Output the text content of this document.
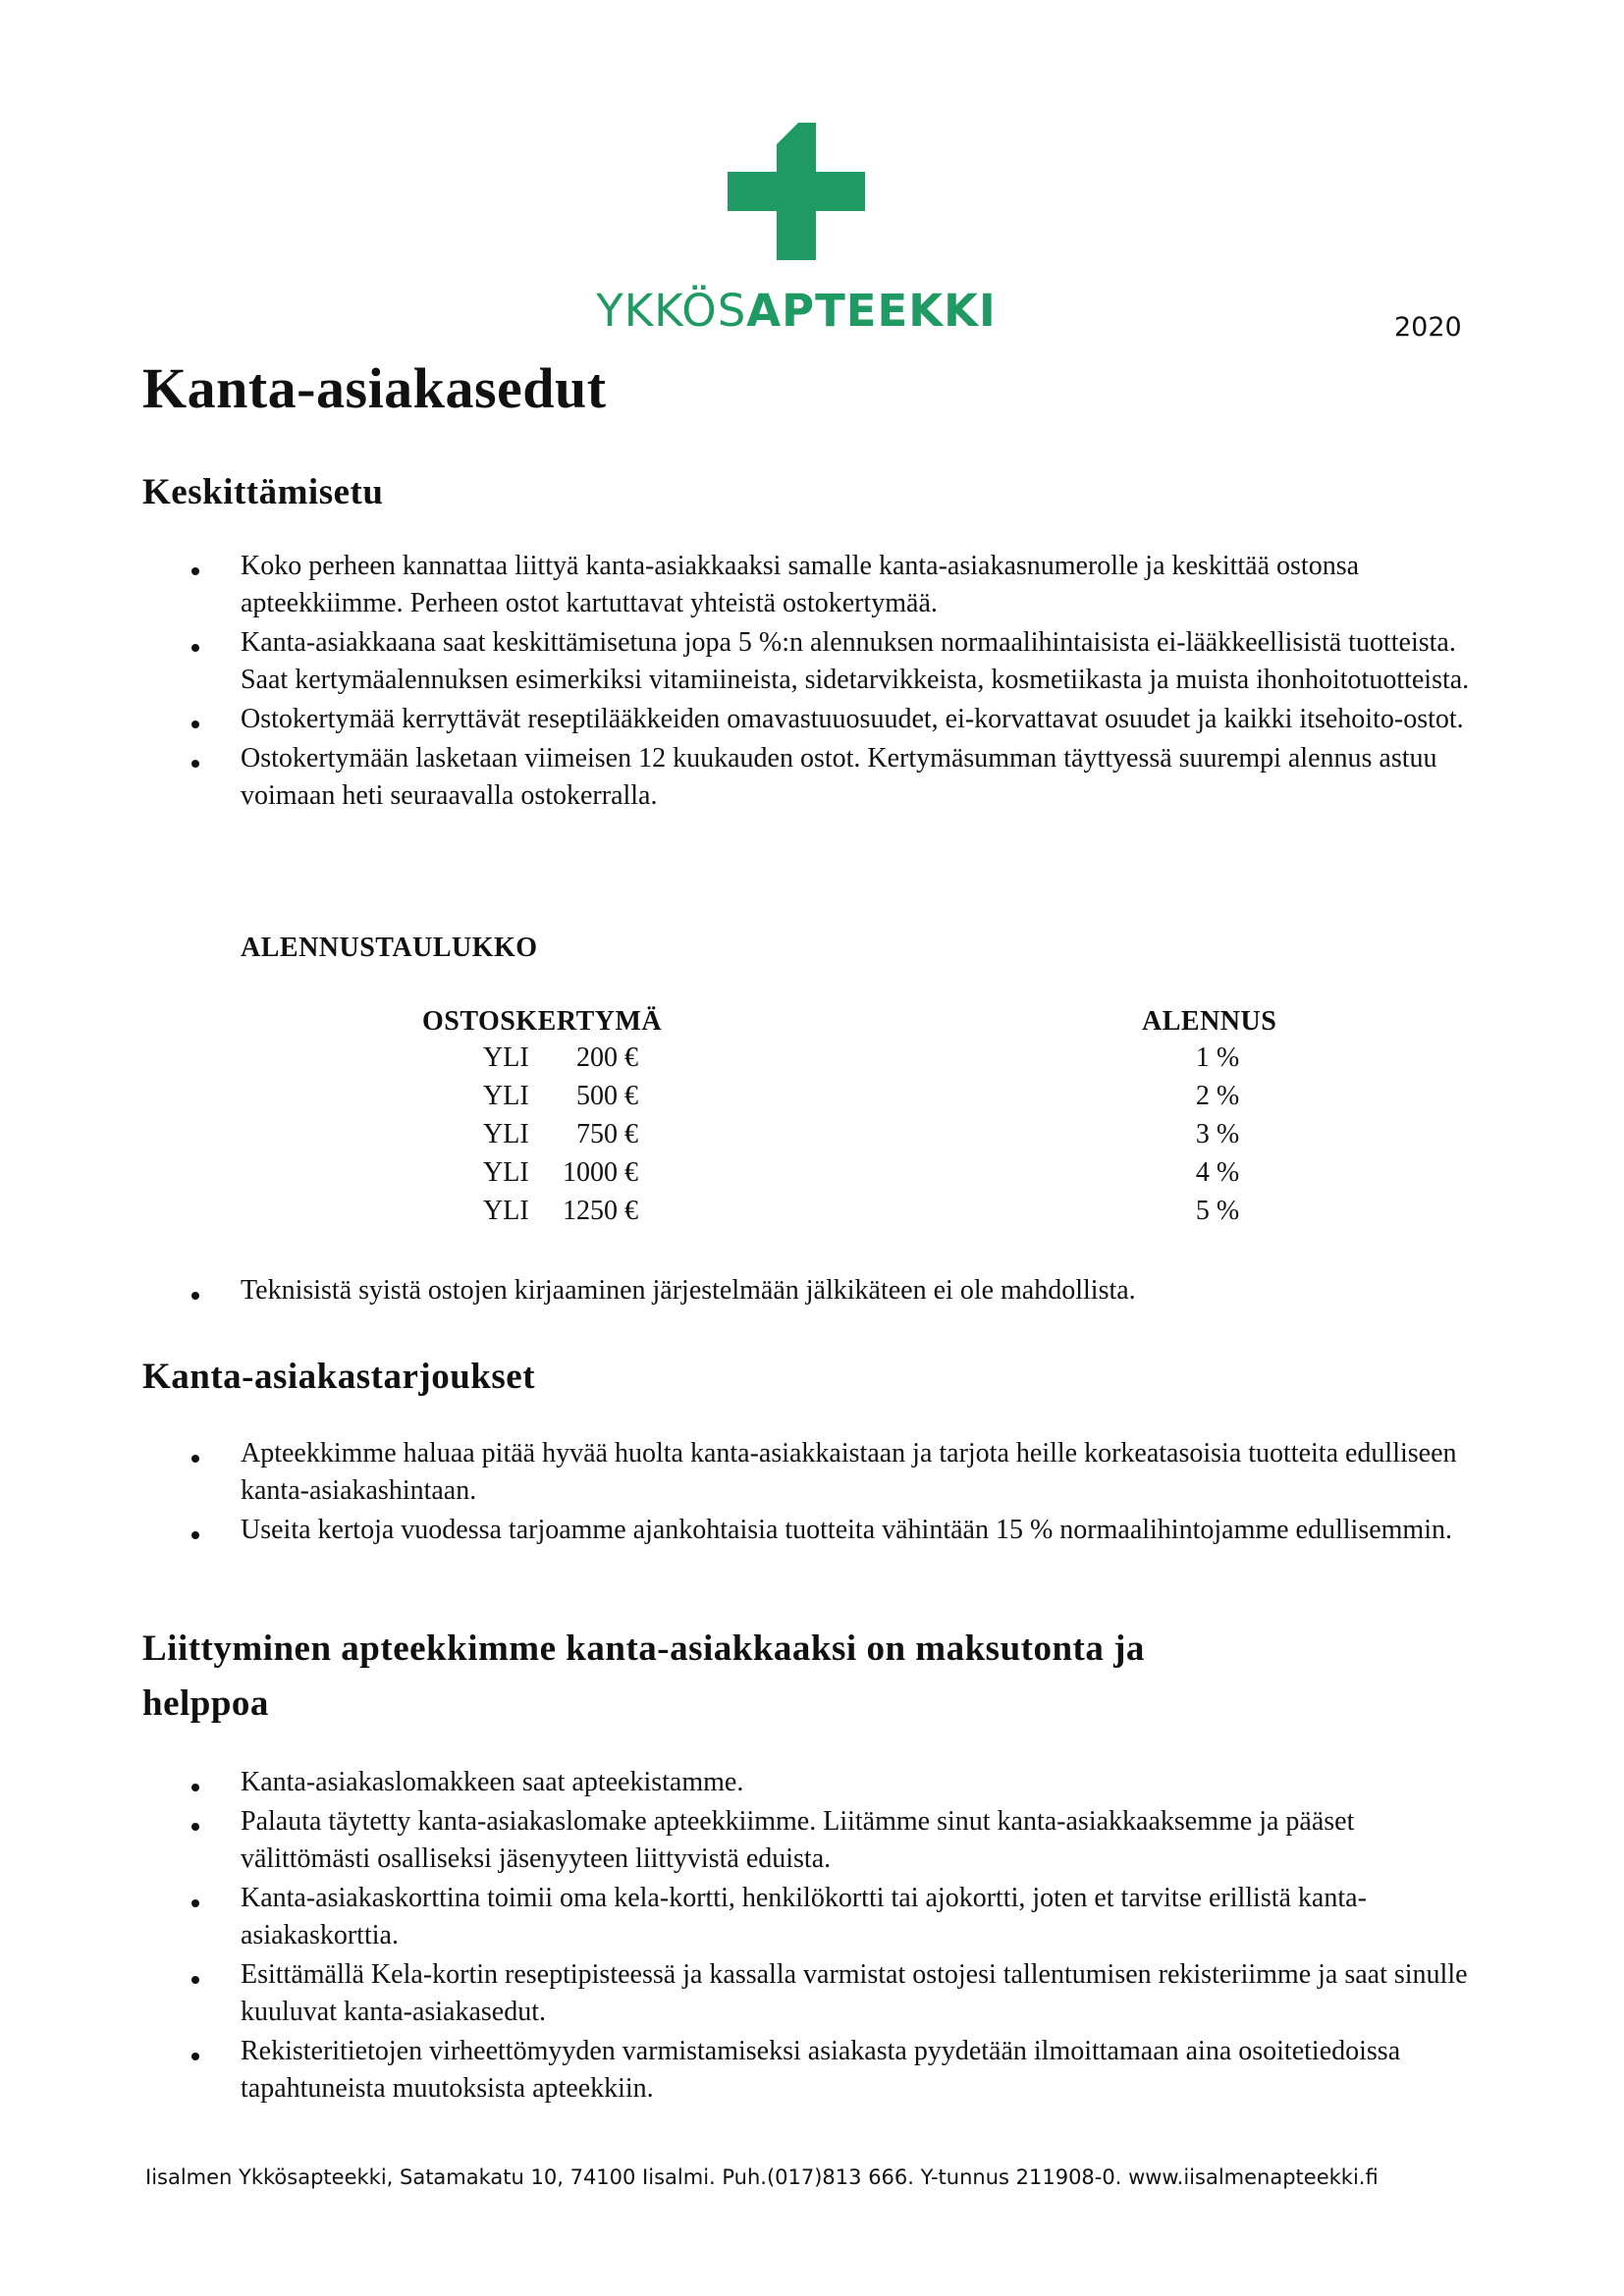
YKKÖSAPTEEKKI	2020
Kanta-asiakasedut
Keskittämisetu
Koko perheen kannattaa liittyä kanta-asiakkaaksi samalle kanta-asiakasnumerolle ja keskittää ostonsa apteekkiimme. Perheen ostot kartuttavat yhteistä ostokertymää.
Kanta-asiakkaana saat keskittämisetuna jopa 5 %:n alennuksen normaalihintaisista ei-lääkkeellisistä tuotteista. Saat kertymäalennuksen esimerkiksi vitamiineista, sidetarvikkeista, kosmetiikasta ja muista ihonhoitotuotteista.
Ostokertymää kerryttävät reseptilääkkeiden omavastuuosuudet, ei-korvattavat osuudet ja kaikki itsehoito-ostot.
Ostokertymään lasketaan viimeisen 12 kuukauden ostot. Kertymäsumman täyttyessä suurempi alennus astuu voimaan heti seuraavalla ostokerralla.
ALENNUSTAULUKKO
OSTOSKERTYMÄ	ALENNUS
YLI	200 €	1 %
YLI	500 €	2 %
YLI	750 €	3 %
YLI	1000 €	4 %
YLI	1250 €	5 %
Teknisistä syistä ostojen kirjaaminen järjestelmään jälkikäteen ei ole mahdollista.
Kanta-asiakastarjoukset
Apteekkimme haluaa pitää hyvää huolta kanta-asiakkaistaan ja tarjota heille korkeatasoisia tuotteita edulliseen kanta-asiakashintaan.
Useita kertoja vuodessa tarjoamme ajankohtaisia tuotteita vähintään 15 % normaalihintojamme edullisemmin.
Liittyminen apteekkimme kanta-asiakkaaksi on maksutonta ja
helppoa
Kanta-asiakaslomakkeen saat apteekistamme.
Palauta täytetty kanta-asiakaslomake apteekkiimme. Liitämme sinut kanta-asiakkaaksemme ja pääset välittömästi osalliseksi jäsenyyteen liittyvistä eduista.
Kanta-asiakaskorttina toimii oma kela-kortti, henkilökortti tai ajokortti, joten et tarvitse erillistä kanta-asiakaskorttia.
Esittämällä Kela-kortin reseptipisteessä ja kassalla varmistat ostojesi tallentumisen rekisteriimme ja saat sinulle kuuluvat kanta-asiakasedut.
Rekisteritietojen virheettömyyden varmistamiseksi asiakasta pyydetään ilmoittamaan aina osoitetiedoissa tapahtuneista muutoksista apteekkiin.
Iisalmen Ykkösapteekki, Satamakatu 10, 74100 Iisalmi. Puh.(017)813 666. Y-tunnus 211908-0. www.iisalmenapteekki.fi
